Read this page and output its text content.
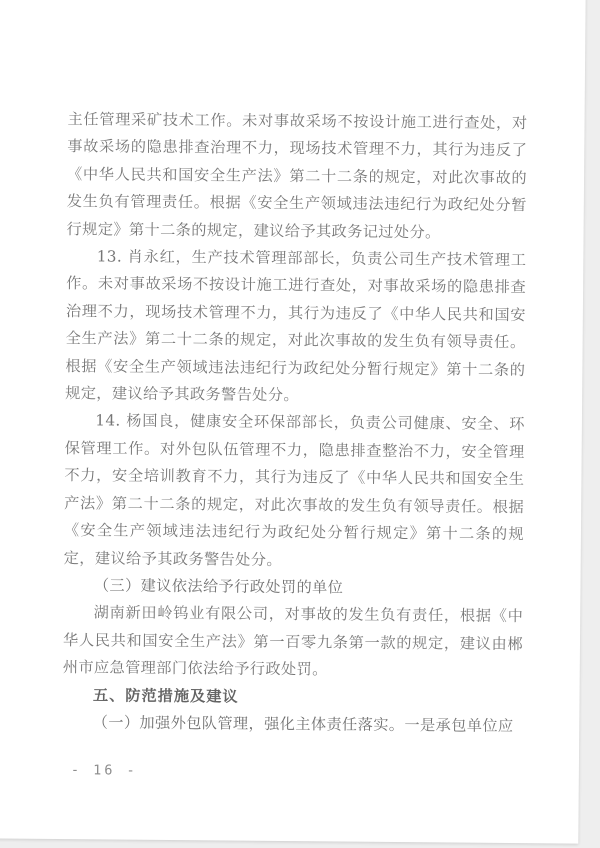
主任管理采矿技术工作。未对事故采场不按设计施工进行查处，对事故采场的隐患排查治理不力，现场技术管理不力，其行为违反了《中华人民共和国安全生产法》第二十二条的规定，对此次事故的发生负有管理责任。根据《安全生产领域违法违纪行为政纪处分暂行规定》第十二条的规定，建议给予其政务记过处分。

13. 肖永红，生产技术管理部部长，负责公司生产技术管理工作。未对事故采场不按设计施工进行查处，对事故采场的隐患排查治理不力，现场技术管理不力，其行为违反了《中华人民共和国安全生产法》第二十二条的规定，对此次事故的发生负有领导责任。根据《安全生产领域违法违纪行为政纪处分暂行规定》第十二条的规定，建议给予其政务警告处分。

14. 杨国良，健康安全环保部部长，负责公司健康、安全、环保管理工作。对外包队伍管理不力，隐患排查整治不力，安全管理不力，安全培训教育不力，其行为违反了《中华人民共和国安全生产法》第二十二条的规定，对此次事故的发生负有领导责任。根据《安全生产领域违法违纪行为政纪处分暂行规定》第十二条的规定，建议给予其政务警告处分。

（三）建议依法给予行政处罚的单位

湖南新田岭钨业有限公司，对事故的发生负有责任，根据《中华人民共和国安全生产法》第一百零九条第一款的规定，建议由郴州市应急管理部门依法给予行政处罚。

五、防范措施及建议

（一）加强外包队管理，强化主体责任落实。一是承包单位应

- 16 -
